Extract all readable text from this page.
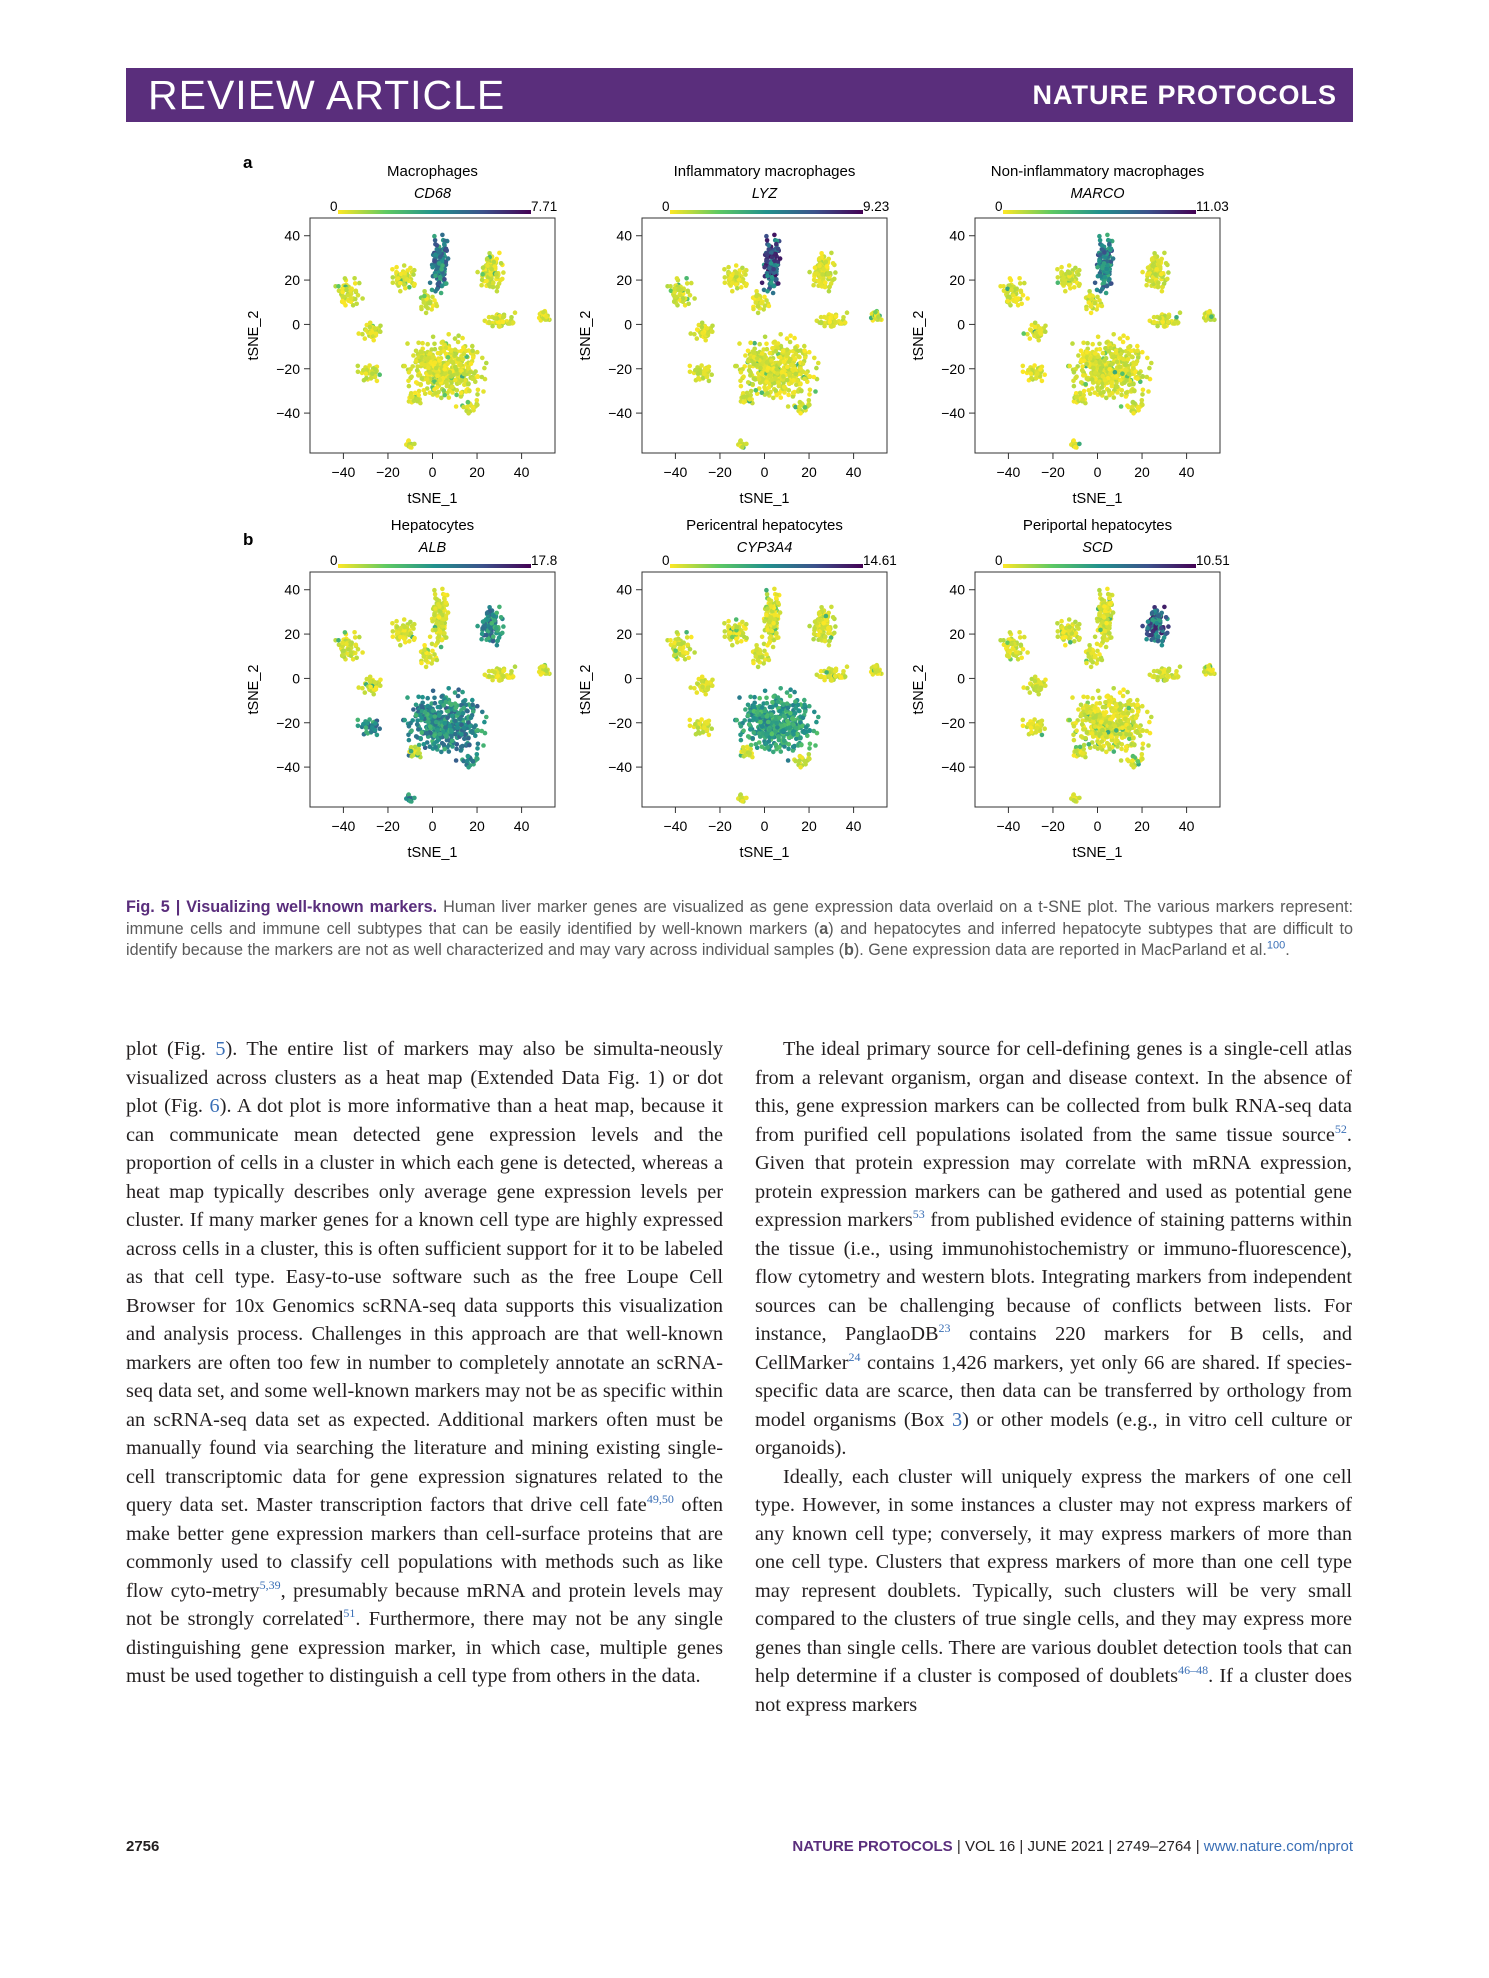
REVIEW ARTICLE	NATURE PROTOCOLS
a
b
Macrophages
CD68
0	7.71
−40 −20 0 20 40
40
20
0
−20
−40
tSNE_1
tSNE_2
Inflammatory macrophages
LYZ
0	9.23
−40 −20 0 20 40
40
20
0
−20
−40
tSNE_1
tSNE_2
Non-inflammatory macrophages
MARCO
0	11.03
−40 −20 0 20 40
40
20
0
−20
−40
tSNE_1
tSNE_2
Hepatocytes
ALB
0	17.8
−40 −20 0 20 40
40
20
0
−20
−40
tSNE_1
tSNE_2
Pericentral hepatocytes
CYP3A4
0	14.61
−40 −20 0 20 40
40
20
0
−20
−40
tSNE_1
tSNE_2
Periportal hepatocytes
SCD
0	10.51
−40 −20 0 20 40
40
20
0
−20
−40
tSNE_1
tSNE_2
Fig. 5 | Visualizing well-known markers. Human liver marker genes are visualized as gene expression data overlaid on a t-SNE plot. The various markers represent: immune cells and immune cell subtypes that can be easily identified by well-known markers (a) and hepatocytes and inferred hepatocyte subtypes that are difficult to identify because the markers are not as well characterized and may vary across individual samples (b). Gene expression data are reported in MacParland et al.$^{100}$.

plot (Fig. 5). The entire list of markers may also be simulta-neously visualized across clusters as a heat map (Extended Data Fig. 1) or dot plot (Fig. 6). A dot plot is more informative than a heat map, because it can communicate mean detected gene expression levels and the proportion of cells in a cluster in which each gene is detected, whereas a heat map typically describes only average gene expression levels per cluster. If many marker genes for a known cell type are highly expressed across cells in a cluster, this is often sufficient support for it to be labeled as that cell type. Easy-to-use software such as the free Loupe Cell Browser for 10x Genomics scRNA-seq data supports this visualization and analysis process. Challenges in this approach are that well-known markers are often too few in number to completely annotate an scRNA-seq data set, and some well-known markers may not be as specific within an scRNA-seq data set as expected. Additional markers often must be manually found via searching the literature and mining existing single-cell transcriptomic data for gene expression signatures related to the query data set. Master transcription factors that drive cell fate$^{49,50}$ often make better gene expression markers than cell-surface proteins that are commonly used to classify cell populations with methods such as like flow cyto-metry$^{5,39}$, presumably because mRNA and protein levels may not be strongly correlated$^{51}$. Furthermore, there may not be any single distinguishing gene expression marker, in which case, multiple genes must be used together to distinguish a cell type from others in the data.

The ideal primary source for cell-defining genes is a single-cell atlas from a relevant organism, organ and disease context. In the absence of this, gene expression markers can be collected from bulk RNA-seq data from purified cell populations isolated from the same tissue source$^{52}$. Given that protein expression may correlate with mRNA expression, protein expression markers can be gathered and used as potential gene expression markers$^{53}$ from published evidence of staining patterns within the tissue (i.e., using immunohistochemistry or immuno-fluorescence), flow cytometry and western blots. Integrating markers from independent sources can be challenging because of conflicts between lists. For instance, PanglaoDB$^{23}$ contains 220 markers for B cells, and CellMarker$^{24}$ contains 1,426 markers, yet only 66 are shared. If species-specific data are scarce, then data can be transferred by orthology from model organisms (Box 3) or other models (e.g., in vitro cell culture or organoids).

Ideally, each cluster will uniquely express the markers of one cell type. However, in some instances a cluster may not express markers of any known cell type; conversely, it may express markers of more than one cell type. Clusters that express markers of more than one cell type may represent doublets. Typically, such clusters will be very small compared to the clusters of true single cells, and they may express more genes than single cells. There are various doublet detection tools that can help determine if a cluster is composed of doublets$^{46-48}$. If a cluster does not express markers

2756	NATURE PROTOCOLS | VOL 16 | JUNE 2021 | 2749–2764 | www.nature.com/nprot
